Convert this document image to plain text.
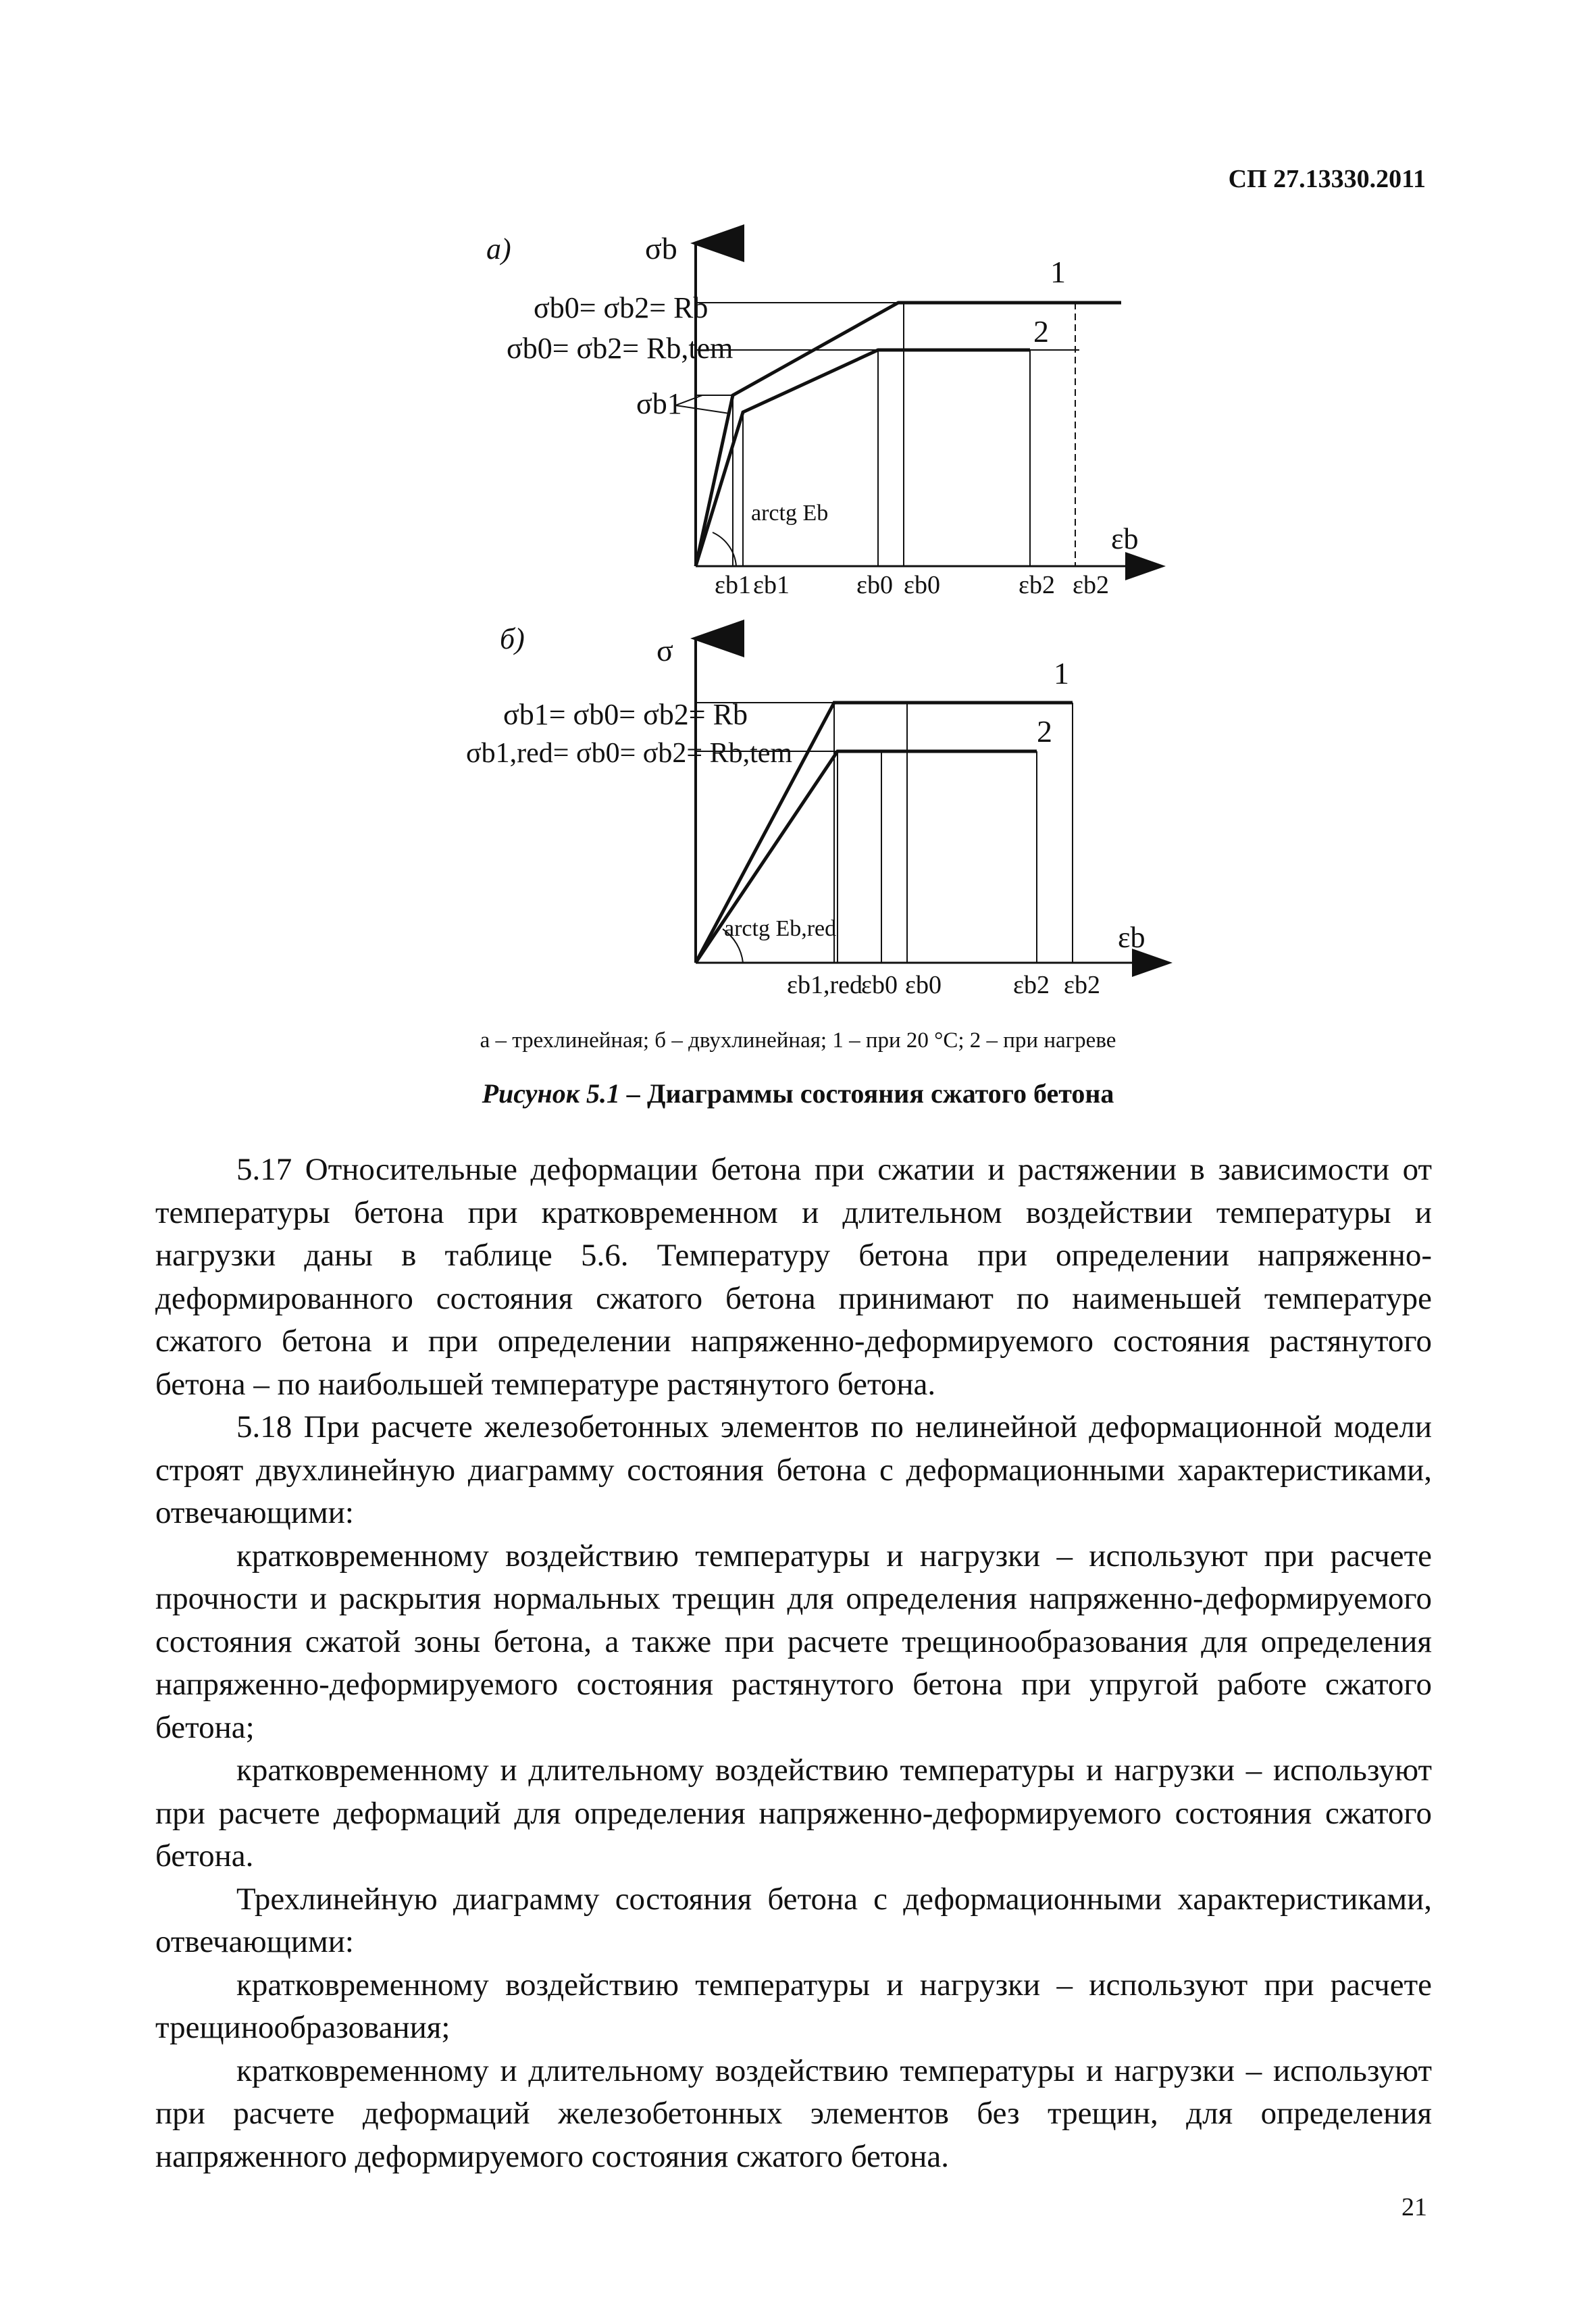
СП 27.13330.2011
а)	σb
εb
σb0= σb2= Rb
σb0= σb2= Rb,tem
σb1
1
2
arctg Eb
εb1 εb1	εb0 εb0	εb2 εb2
б)	σ
εb
σb1= σb0= σb2= Rb
σb1,red= σb0= σb2= Rb,tem
1
2
arctg Eb,red
εb1,red
εb0 εb0	εb2 εb2
а – трехлинейная; б – двухлинейная; 1 – при 20 °С; 2 – при нагреве
Рисунок 5.1 – Диаграммы состояния сжатого бетона

5.17 Относительные деформации бетона при сжатии и растяжении в зависимости от температуры бетона при кратковременном и длительном воздействии температуры и нагрузки даны в таблице 5.6. Температуру бетона при определении напряженно-деформированного состояния сжатого бетона принимают по наименьшей температуре сжатого бетона и при определении напряженно-деформируемого состояния растянутого бетона – по наибольшей температуре растянутого бетона.

5.18 При расчете железобетонных элементов по нелинейной деформационной модели строят двухлинейную диаграмму состояния бетона с деформационными характеристиками, отвечающими:

кратковременному воздействию температуры и нагрузки – используют при расчете прочности и раскрытия нормальных трещин для определения напряженно-деформируемого состояния сжатой зоны бетона, а также при расчете трещинообразования для определения напряженно-деформируемого состояния растянутого бетона при упругой работе сжатого бетона;

кратковременному и длительному воздействию температуры и нагрузки – используют при расчете деформаций для определения напряженно-деформируемого состояния сжатого бетона.

Трехлинейную диаграмму состояния бетона с деформационными характеристиками, отвечающими:

кратковременному воздействию температуры и нагрузки – используют при расчете трещинообразования;

кратковременному и длительному воздействию температуры и нагрузки – используют при расчете деформаций железобетонных элементов без трещин, для определения напряженного деформируемого состояния сжатого бетона.

21
